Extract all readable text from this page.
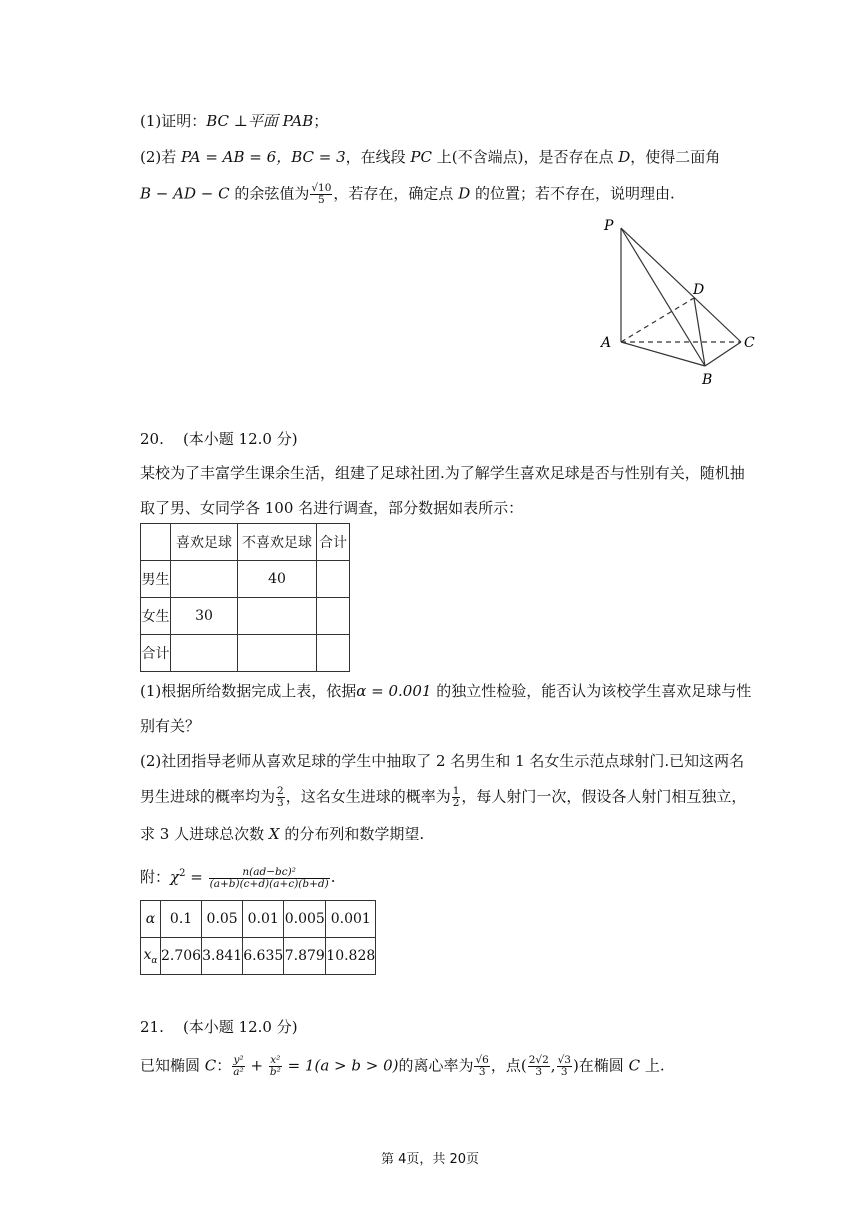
(1)证明：BC ⊥平面 PAB；
(2)若 PA = AB = 6，BC = 3，在线段 PC 上(不含端点)，是否存在点 D，使得二面角
B − AD − C 的余弦值为 $\frac{√10}{5}$ ，若存在，确定点 D 的位置；若不存在，说明理由.
P
A
B
C
D
20. (本小题 12.0 分)
某校为了丰富学生课余生活，组建了足球社团.为了解学生喜欢足球是否与性别有关，随机抽
取了男、女同学各 100 名进行调查，部分数据如表所示：
	喜欢足球	不喜欢足球	合计
男生		40	
女生	30		
合计			
(1)根据所给数据完成上表，依据α = 0.001 的独立性检验，能否认为该校学生喜欢足球与性
别有关？
(2)社团指导老师从喜欢足球的学生中抽取了 2 名男生和 1 名女生示范点球射门.已知这两名
男生进球的概率均为 $\frac{2}{3}$ ，这名女生进球的概率为 $\frac{1}{2}$ ，每人射门一次，假设各人射门相互独立，
求 3 人进球总次数 X 的分布列和数学期望.
附：$\chi^2 = \frac{\text{n(ad−bc)²}}{(a+b)(c+d)(a+c)(b+d)}$ .
α	0.1	0.05	0.01	0.005	0.001
$x_\alpha$	2.706	3.841	6.635	7.879	10.828
21. (本小题 12.0 分)
已知椭圆 C： $\frac{\text{y²}}{\text{a²}} + \frac{\text{x²}}{\text{b²}} = 1(a > b > 0)$的离心率为 $\frac{√6}{3}$ ，点( $\frac{2√2}{3}$ , $\frac{√3}{3}$ )在椭圆 C 上.
第 4页，共 20页
